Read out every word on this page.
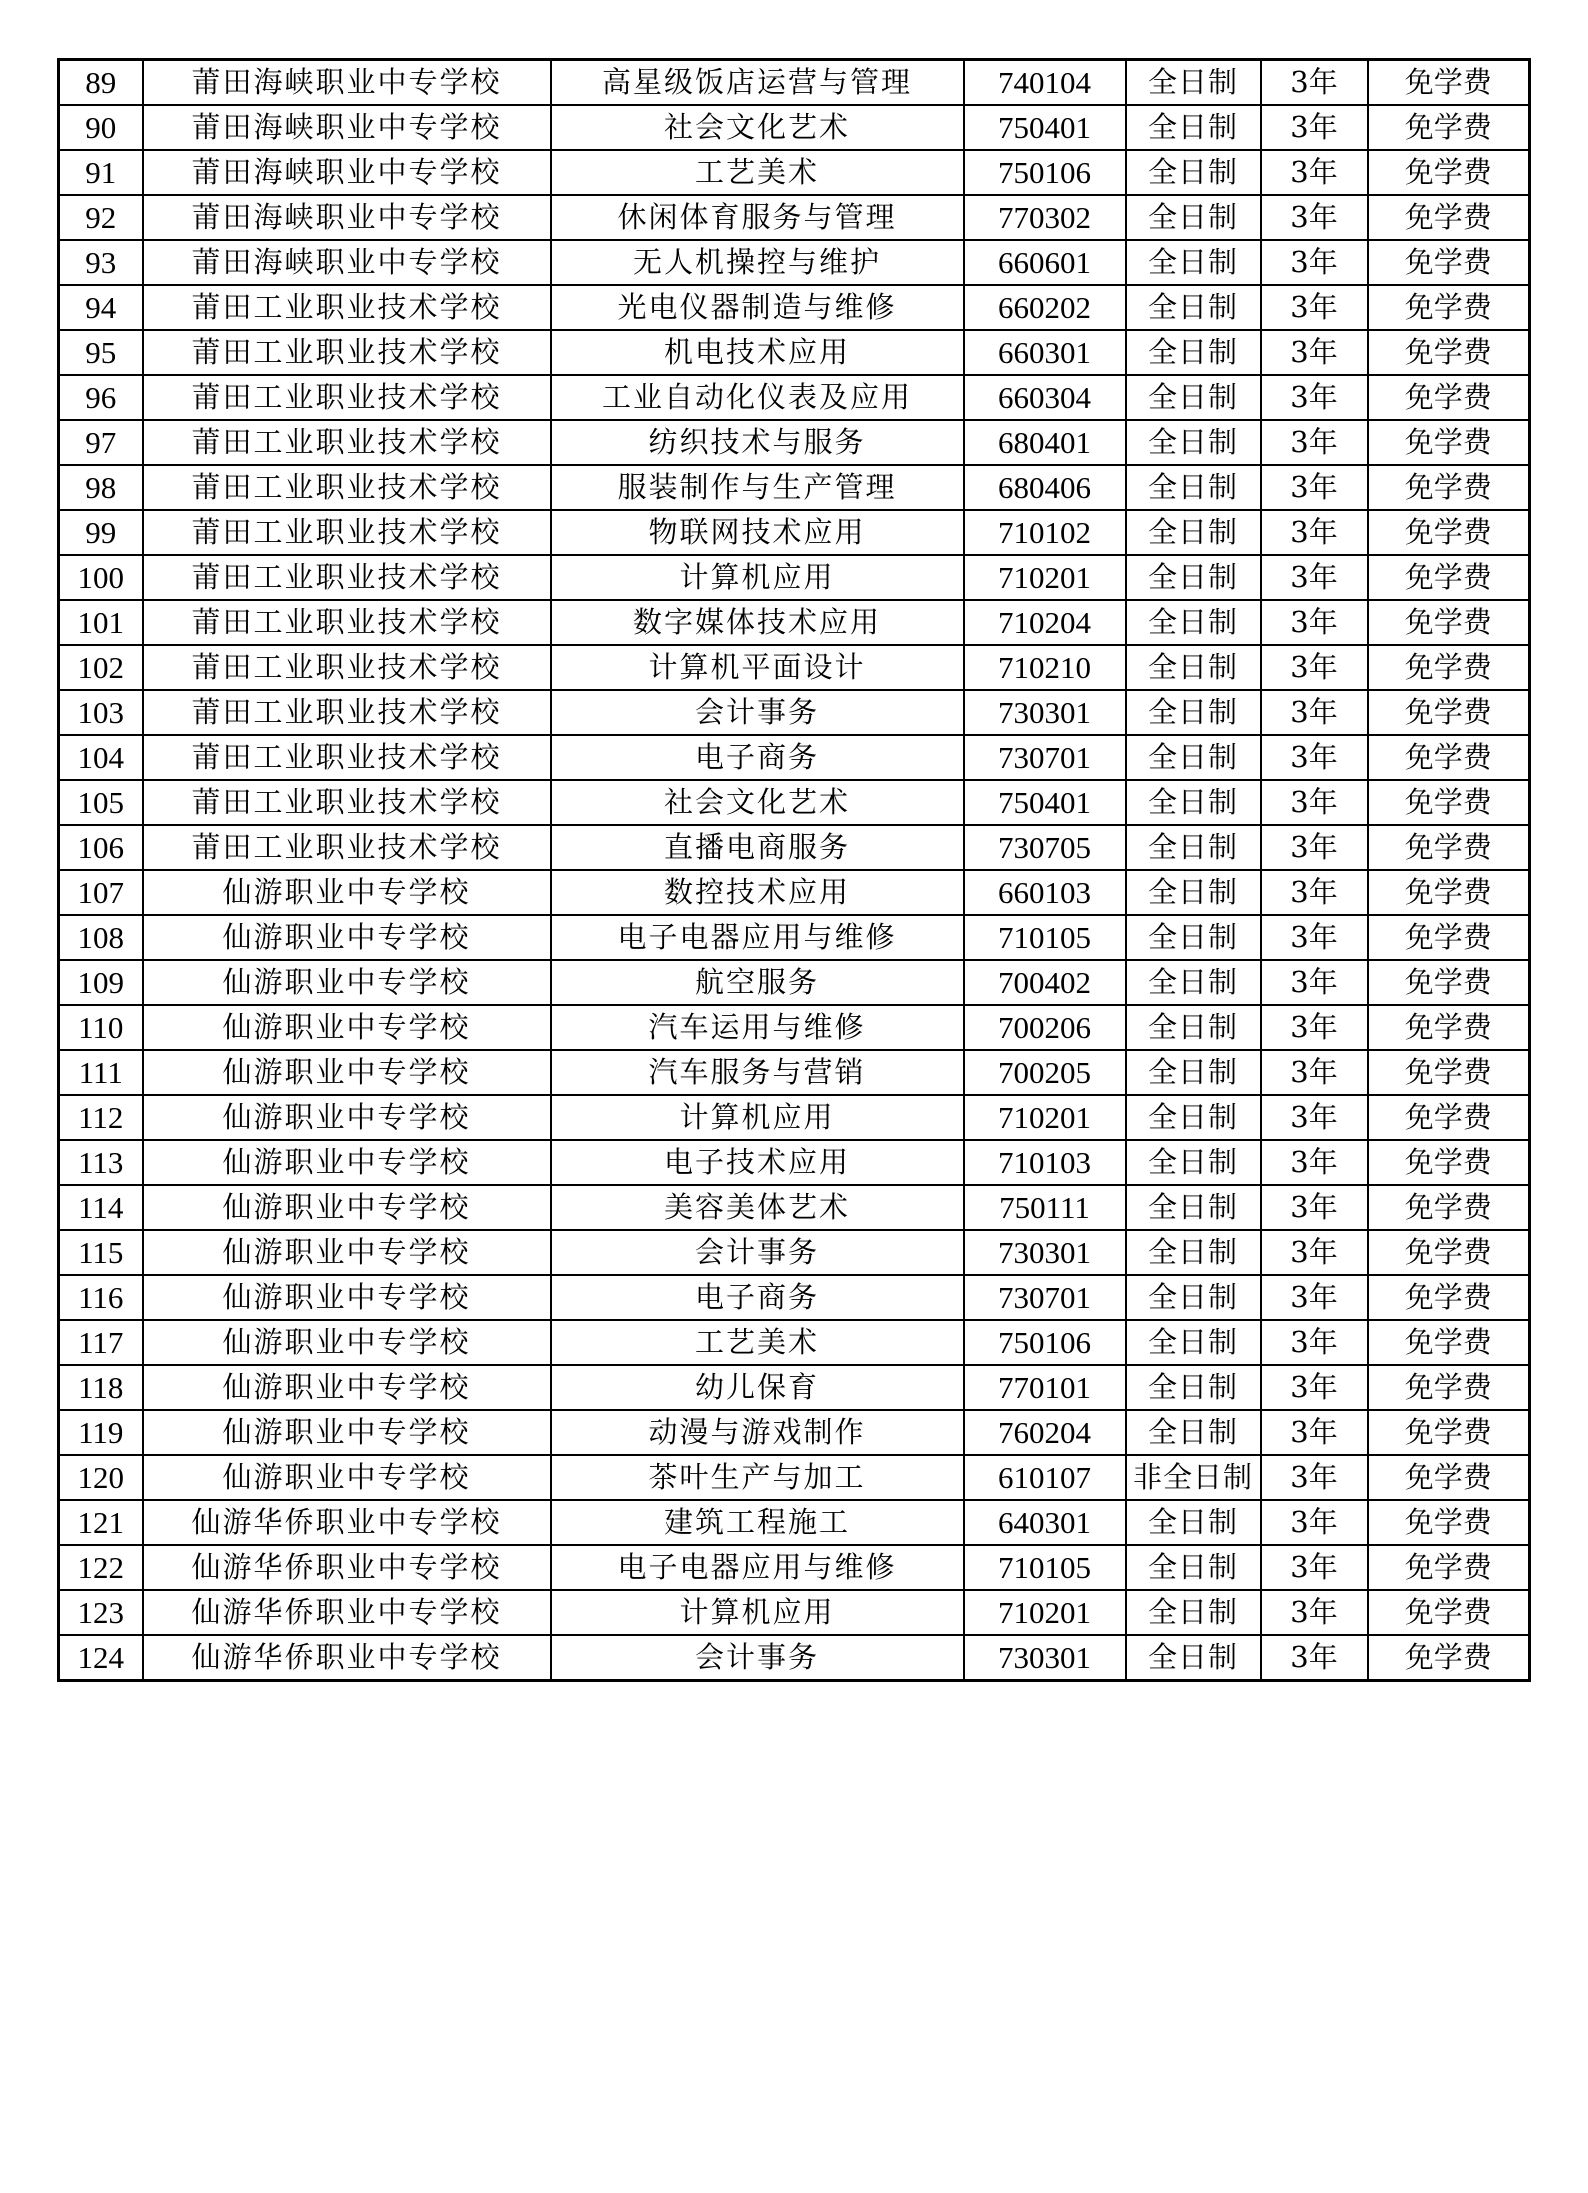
89	莆田海峡职业中专学校	高星级饭店运营与管理	740104	全日制	3年	免学费
90	莆田海峡职业中专学校	社会文化艺术	750401	全日制	3年	免学费
91	莆田海峡职业中专学校	工艺美术	750106	全日制	3年	免学费
92	莆田海峡职业中专学校	休闲体育服务与管理	770302	全日制	3年	免学费
93	莆田海峡职业中专学校	无人机操控与维护	660601	全日制	3年	免学费
94	莆田工业职业技术学校	光电仪器制造与维修	660202	全日制	3年	免学费
95	莆田工业职业技术学校	机电技术应用	660301	全日制	3年	免学费
96	莆田工业职业技术学校	工业自动化仪表及应用	660304	全日制	3年	免学费
97	莆田工业职业技术学校	纺织技术与服务	680401	全日制	3年	免学费
98	莆田工业职业技术学校	服装制作与生产管理	680406	全日制	3年	免学费
99	莆田工业职业技术学校	物联网技术应用	710102	全日制	3年	免学费
100	莆田工业职业技术学校	计算机应用	710201	全日制	3年	免学费
101	莆田工业职业技术学校	数字媒体技术应用	710204	全日制	3年	免学费
102	莆田工业职业技术学校	计算机平面设计	710210	全日制	3年	免学费
103	莆田工业职业技术学校	会计事务	730301	全日制	3年	免学费
104	莆田工业职业技术学校	电子商务	730701	全日制	3年	免学费
105	莆田工业职业技术学校	社会文化艺术	750401	全日制	3年	免学费
106	莆田工业职业技术学校	直播电商服务	730705	全日制	3年	免学费
107	仙游职业中专学校	数控技术应用	660103	全日制	3年	免学费
108	仙游职业中专学校	电子电器应用与维修	710105	全日制	3年	免学费
109	仙游职业中专学校	航空服务	700402	全日制	3年	免学费
110	仙游职业中专学校	汽车运用与维修	700206	全日制	3年	免学费
111	仙游职业中专学校	汽车服务与营销	700205	全日制	3年	免学费
112	仙游职业中专学校	计算机应用	710201	全日制	3年	免学费
113	仙游职业中专学校	电子技术应用	710103	全日制	3年	免学费
114	仙游职业中专学校	美容美体艺术	750111	全日制	3年	免学费
115	仙游职业中专学校	会计事务	730301	全日制	3年	免学费
116	仙游职业中专学校	电子商务	730701	全日制	3年	免学费
117	仙游职业中专学校	工艺美术	750106	全日制	3年	免学费
118	仙游职业中专学校	幼儿保育	770101	全日制	3年	免学费
119	仙游职业中专学校	动漫与游戏制作	760204	全日制	3年	免学费
120	仙游职业中专学校	茶叶生产与加工	610107	非全日制	3年	免学费
121	仙游华侨职业中专学校	建筑工程施工	640301	全日制	3年	免学费
122	仙游华侨职业中专学校	电子电器应用与维修	710105	全日制	3年	免学费
123	仙游华侨职业中专学校	计算机应用	710201	全日制	3年	免学费
124	仙游华侨职业中专学校	会计事务	730301	全日制	3年	免学费
